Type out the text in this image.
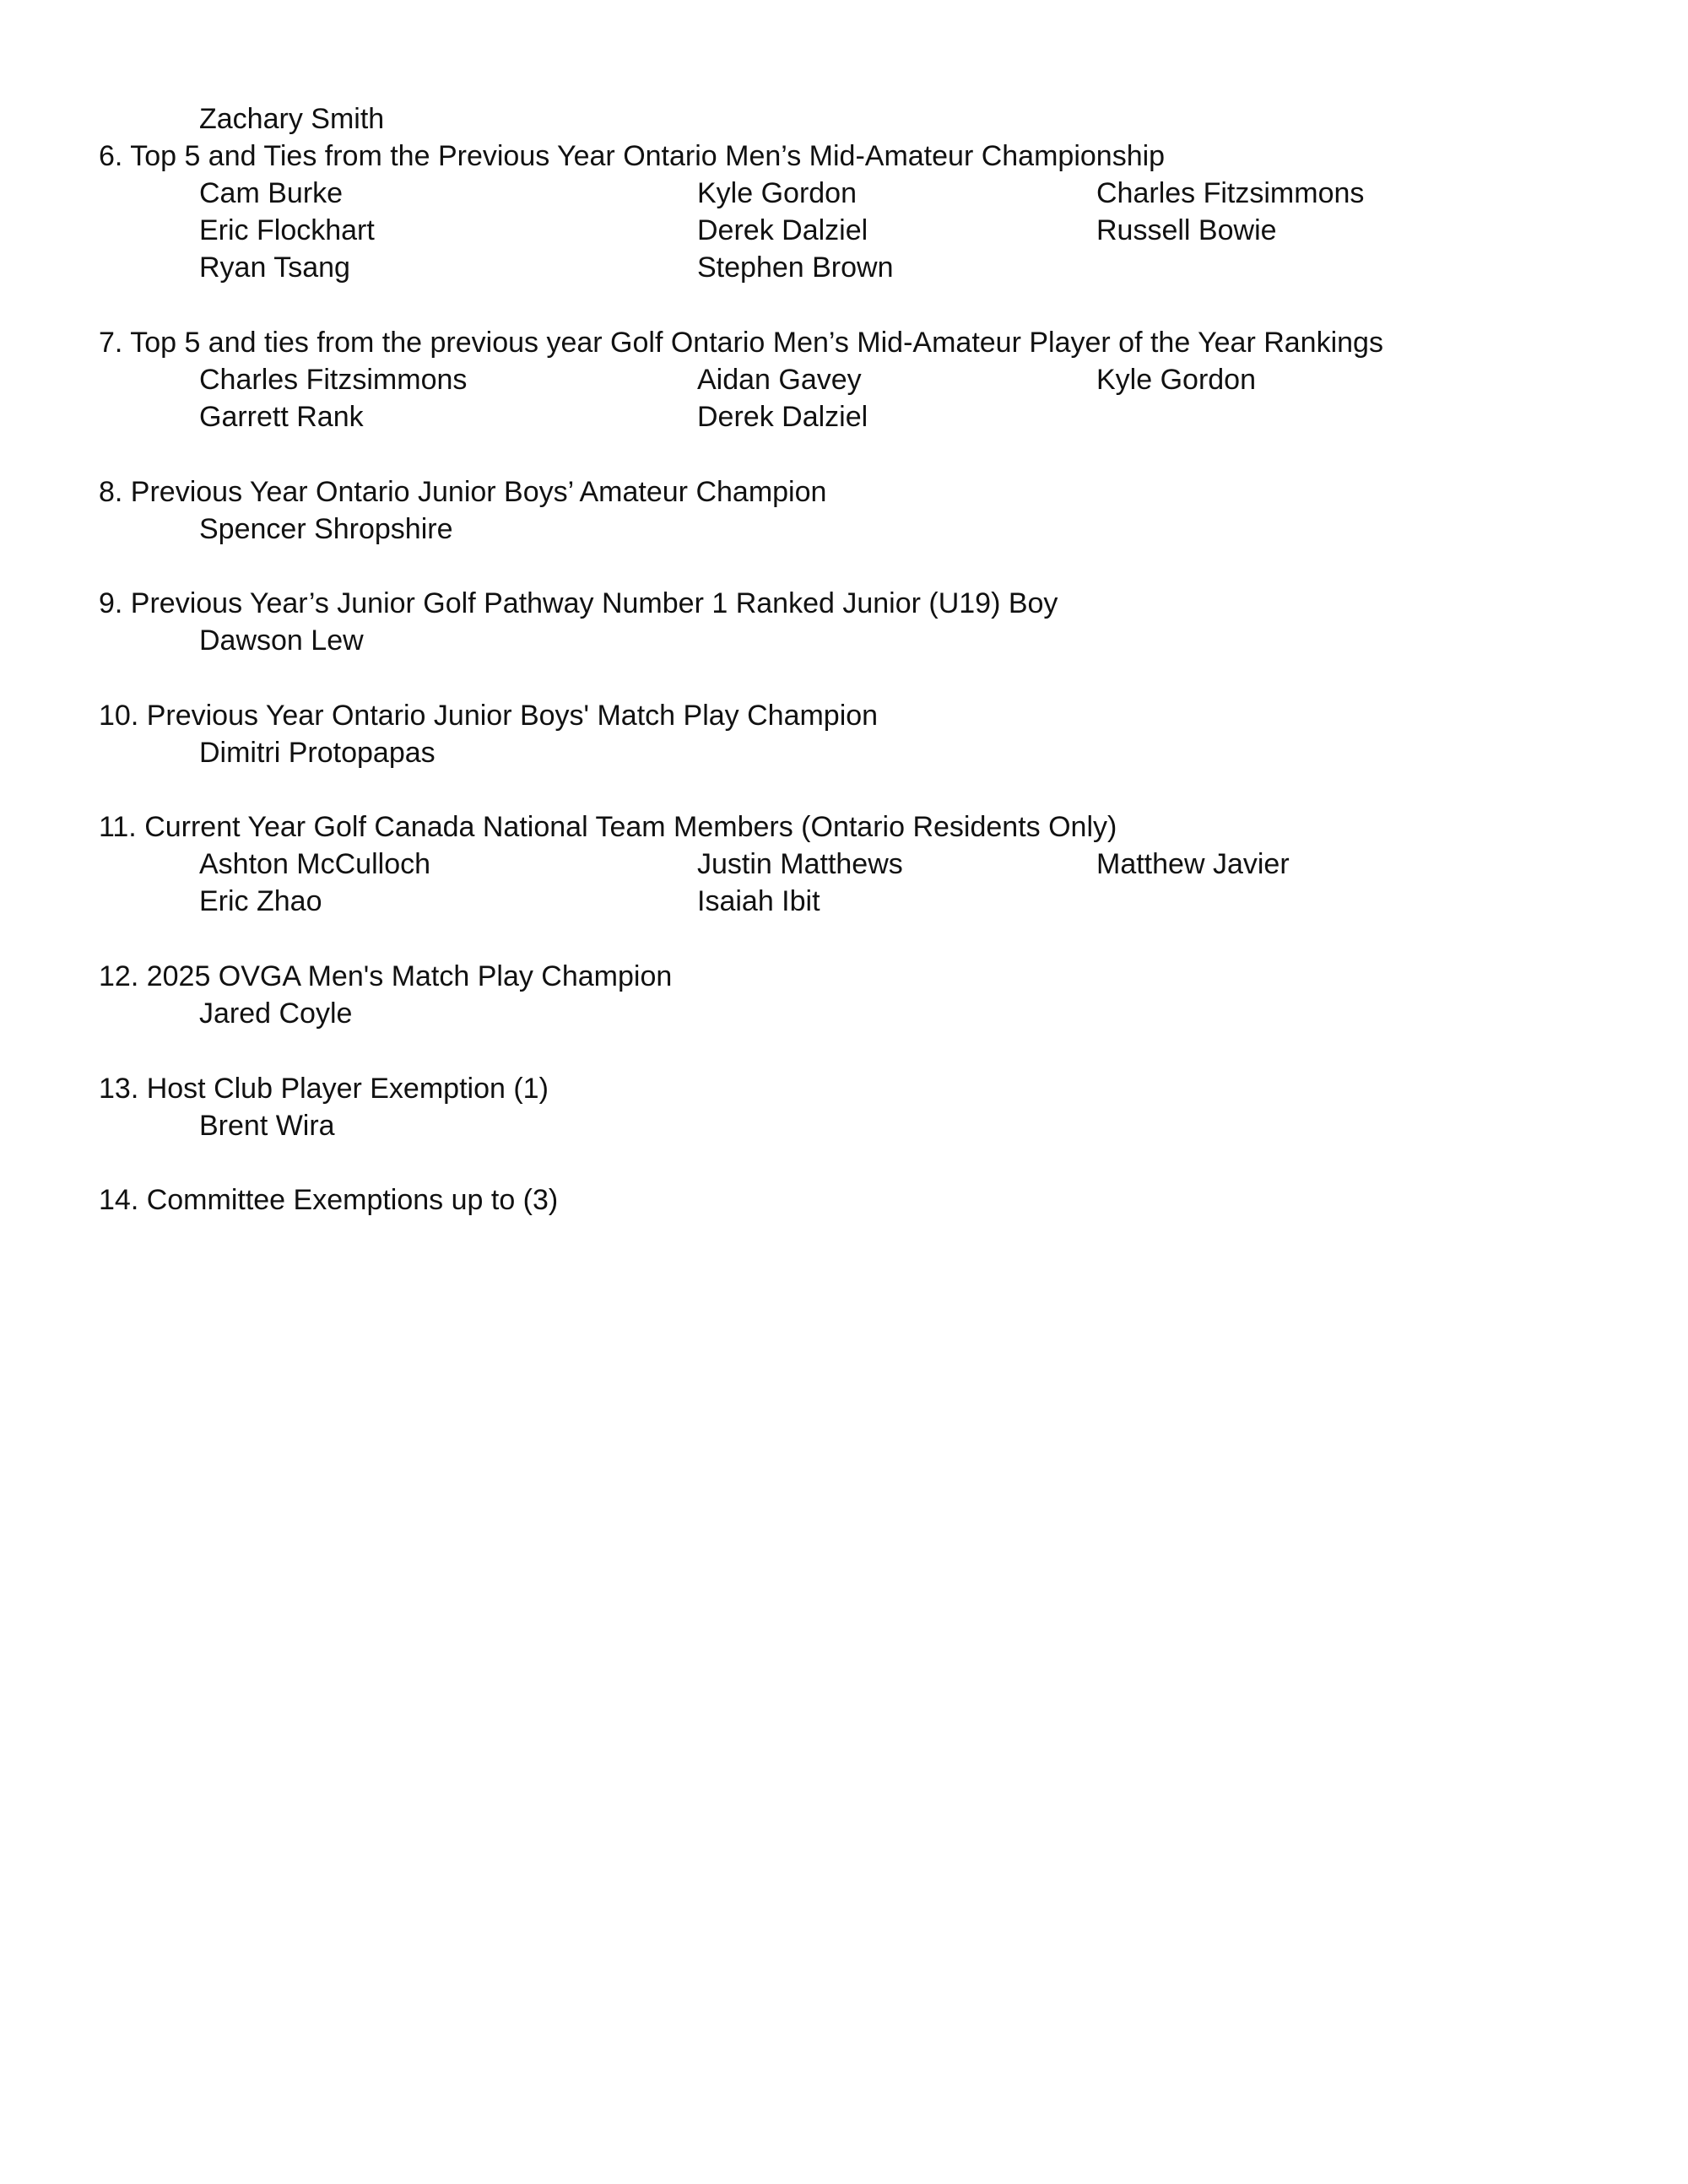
Zachary Smith
6. Top 5 and Ties from the Previous Year Ontario Men’s Mid-Amateur Championship
Cam Burke	Kyle Gordon	Charles Fitzsimmons
Eric Flockhart	Derek Dalziel	Russell Bowie
Ryan Tsang	Stephen Brown
7. Top 5 and ties from the previous year Golf Ontario Men’s Mid-Amateur Player of the Year Rankings
Charles Fitzsimmons	Aidan Gavey	Kyle Gordon
Garrett Rank	Derek Dalziel
8. Previous Year Ontario Junior Boys’ Amateur Champion
Spencer Shropshire
9. Previous Year’s Junior Golf Pathway Number 1 Ranked Junior (U19) Boy
Dawson Lew
10. Previous Year Ontario Junior Boys' Match Play Champion
Dimitri Protopapas
11. Current Year Golf Canada National Team Members (Ontario Residents Only)
Ashton McCulloch	Justin Matthews	Matthew Javier
Eric Zhao	Isaiah Ibit
12. 2025 OVGA Men's Match Play Champion
Jared Coyle
13. Host Club Player Exemption (1)
Brent Wira
14. Committee Exemptions up to (3)
